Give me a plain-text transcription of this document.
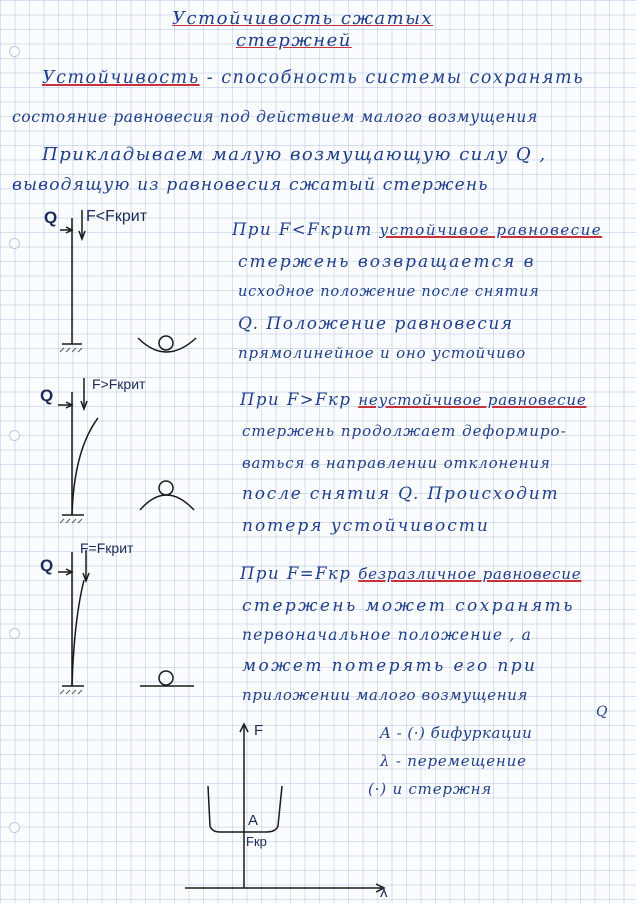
Устойчивость сжатых
стержней
Устойчивость - способность системы сохранять
состояние равновесия под действием малого возмущения
Прикладываем малую возмущающую силу Q ,
выводящую из равновесия сжатый стержень
Q F<Fкрит
Q
F>Fкрит
Q
F=Fкрит
При F<Fкрит устойчивое равновесие
стержень возвращается в
исходное положение после снятия
Q. Положение равновесия
прямолинейное и оно устойчиво
При F>Fкр неустойчивое равновесие
стержень продолжает деформиро-
ваться в направлении отклонения
после снятия Q. Происходит
потеря устойчивости
При F=Fкр безразличное равновесие
стержень может сохранять
первоначальное положение , а
может потерять его при
приложении малого возмущения
Q
F
λ
A
Fкр
A - (·) бифуркации
λ - перемещение
(·) и стержня
